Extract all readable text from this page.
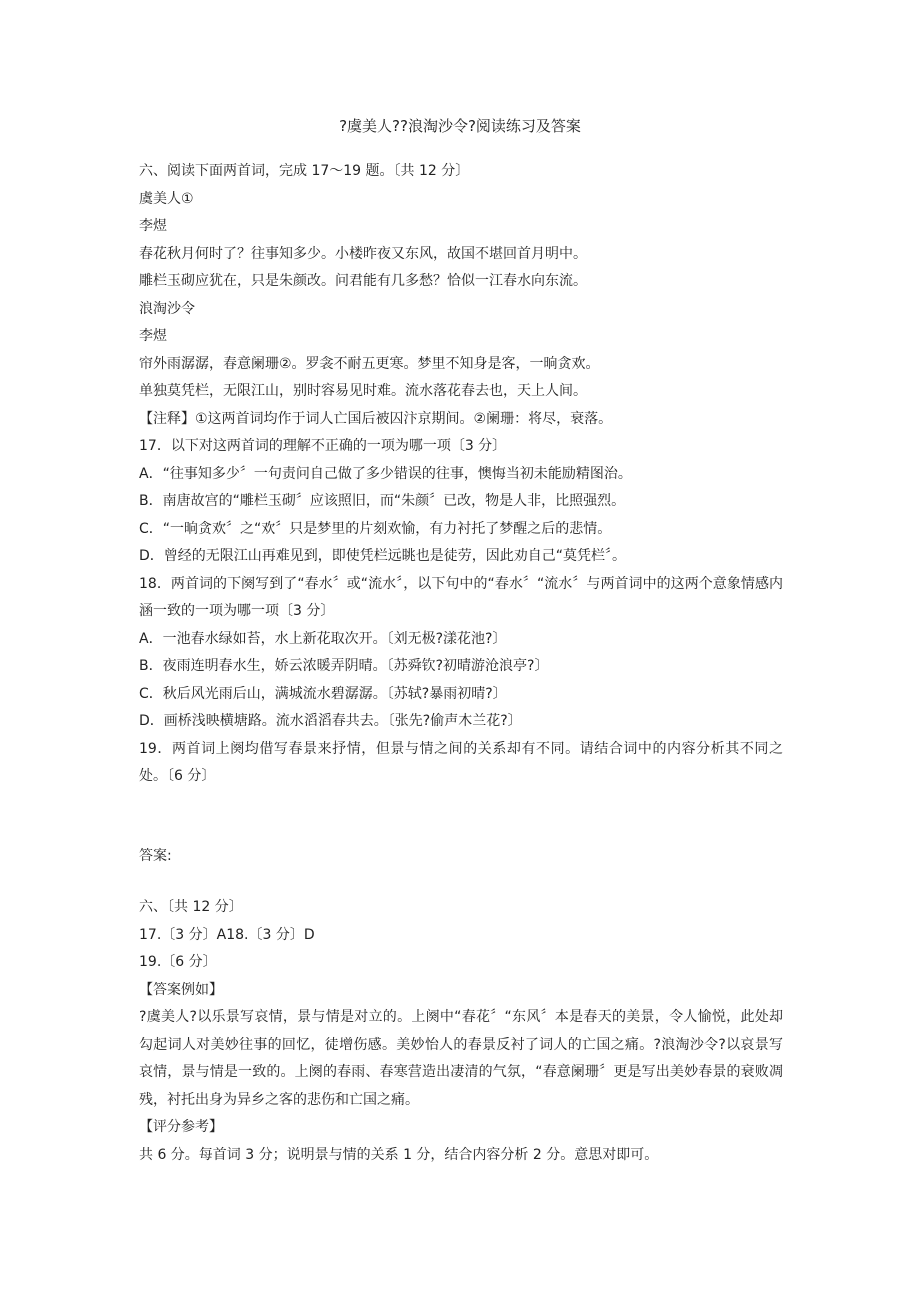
?虞美人??浪淘沙令?阅读练习及答案
六、阅读下面两首词，完成 17～19 题。〔共 12 分〕
虞美人①
李煜
春花秋月何时了？往事知多少。小楼昨夜又东风，故国不堪回首月明中。
雕栏玉砌应犹在，只是朱颜改。问君能有几多愁？恰似一江春水向东流。
浪淘沙令
李煜
帘外雨潺潺，春意阑珊②。罗衾不耐五更寒。梦里不知身是客，一晌贪欢。
单独莫凭栏，无限江山，别时容易见时难。流水落花春去也，天上人间。
【注释】①这两首词均作于词人亡国后被囚汴京期间。②阑珊：将尽，衰落。
17．以下对这两首词的理解不正确的一项为哪一项〔3 分〕
A．“往事知多少〞一句责问自己做了多少错误的往事，懊悔当初未能励精图治。
B．南唐故宫的“雕栏玉砌〞应该照旧，而“朱颜〞已改，物是人非，比照强烈。
C．“一晌贪欢〞之“欢〞只是梦里的片刻欢愉，有力衬托了梦醒之后的悲情。
D．曾经的无限江山再难见到，即使凭栏远眺也是徒劳，因此劝自己“莫凭栏〞。
18．两首词的下阕写到了“春水〞或“流水〞，以下句中的“春水〞“流水〞与两首词中的这两个意象情感内涵一致的一项为哪一项〔3 分〕
A．一池春水绿如苔，水上新花取次开。〔刘无极?漾花池?〕
B．夜雨连明春水生，娇云浓暖弄阴晴。〔苏舜钦?初晴游沧浪亭?〕
C．秋后风光雨后山，满城流水碧潺潺。〔苏轼?暴雨初晴?〕
D．画桥浅映横塘路。流水滔滔春共去。〔张先?偷声木兰花?〕
19．两首词上阕均借写春景来抒情，但景与情之间的关系却有不同。请结合词中的内容分析其不同之处。〔6 分〕
答案:
六、〔共 12 分〕
17.〔3 分〕A18.〔3 分〕D
19.〔6 分〕
【答案例如】
?虞美人?以乐景写哀情，景与情是对立的。上阕中“春花〞“东风〞本是春天的美景，令人愉悦，此处却勾起词人对美妙往事的回忆，徒增伤感。美妙怡人的春景反衬了词人的亡国之痛。?浪淘沙令?以哀景写哀情，景与情是一致的。上阕的春雨、春寒营造出凄清的气氛，“春意阑珊〞更是写出美妙春景的衰败凋残，衬托出身为异乡之客的悲伤和亡国之痛。
【评分参考】
共 6 分。每首词 3 分；说明景与情的关系 1 分，结合内容分析 2 分。意思对即可。
